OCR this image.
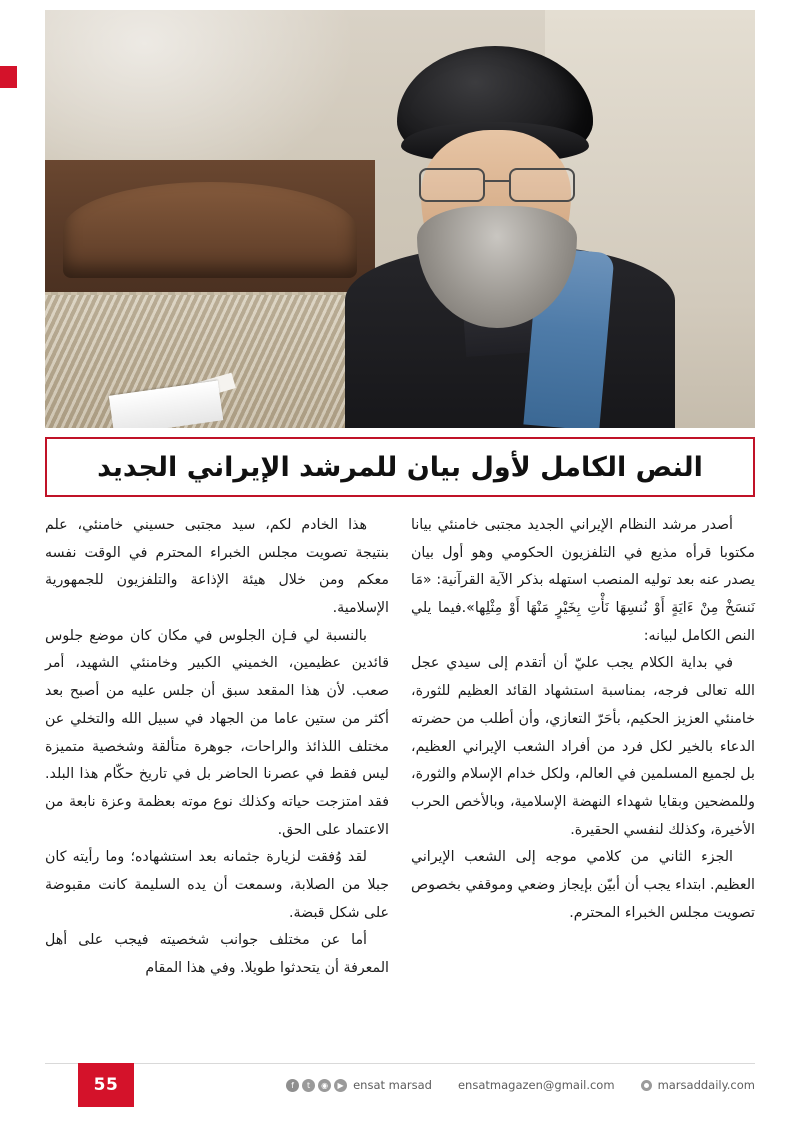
النص الكامل لأول بيان للمرشد الإيراني الجديد

أصدر مرشد النظام الإيراني الجديد مجتبى خامنئي بيانا مكتوبا قرأه مذيع في التلفزيون الحكومي وهو أول بيان يصدر عنه بعد توليه المنصب استهله بذكر الآية القرآنية: «مَا نَنسَخْ مِنْ ءَايَةٍ أَوْ نُنسِهَا نَأْتِ بِخَيْرٍ مَنْهَا أَوْ مِثْلِها».فيما يلي النص الكامل لبيانه:

في بداية الكلام يجب عليّ أن أتقدم إلى سيدي عجل الله تعالى فرجه، بمناسبة استشهاد القائد العظيم للثورة، خامنئي العزيز الحكيم، بأحَرّ التعازي، وأن أطلب من حضرته الدعاء بالخير لكل فرد من أفراد الشعب الإيراني العظيم، بل لجميع المسلمين في العالم، ولكل خدام الإسلام والثورة، وللمضحين وبقايا شهداء النهضة الإسلامية، وبالأخص الحرب الأخيرة، وكذلك لنفسي الحقيرة.

الجزء الثاني من كلامي موجه إلى الشعب الإيراني العظيم. ابتداء يجب أن أبيّن بإيجاز وضعي وموقفي بخصوص تصويت مجلس الخبراء المحترم.

هذا الخادم لكم، سيد مجتبى حسيني خامنئي، علم بنتيجة تصويت مجلس الخبراء المحترم في الوقت نفسه معكم ومن خلال هيئة الإذاعة والتلفزيون للجمهورية الإسلامية.

بالنسبة لي فـإن الجلوس في مكان كان موضع جلوس قائدين عظيمين، الخميني الكبير وخامنئي الشهيد، أمر صعب. لأن هذا المقعد سبق أن جلس عليه من أصبح بعد أكثر من ستين عاما من الجهاد في سبيل الله والتخلي عن مختلف اللذائذ والراحات، جوهرة متألقة وشخصية متميزة ليس فقط في عصرنا الحاضر بل في تاريخ حكّام هذا البلد. فقد امتزجت حياته وكذلك نوع موته بعظمة وعزة نابعة من الاعتماد على الحق.

لقد وُفقت لزيارة جثمانه بعد استشهاده؛ وما رأيته كان جبلا من الصلابة، وسمعت أن يده السليمة كانت مقبوضة على شكل قبضة.

أما عن مختلف جوانب شخصيته فيجب على أهل المعرفة أن يتحدثوا طويلا. وفي هذا المقام

55	marsaddaily.com
ensatmagazen@gmail.com
f	t	◉	▶ ensat marsad
